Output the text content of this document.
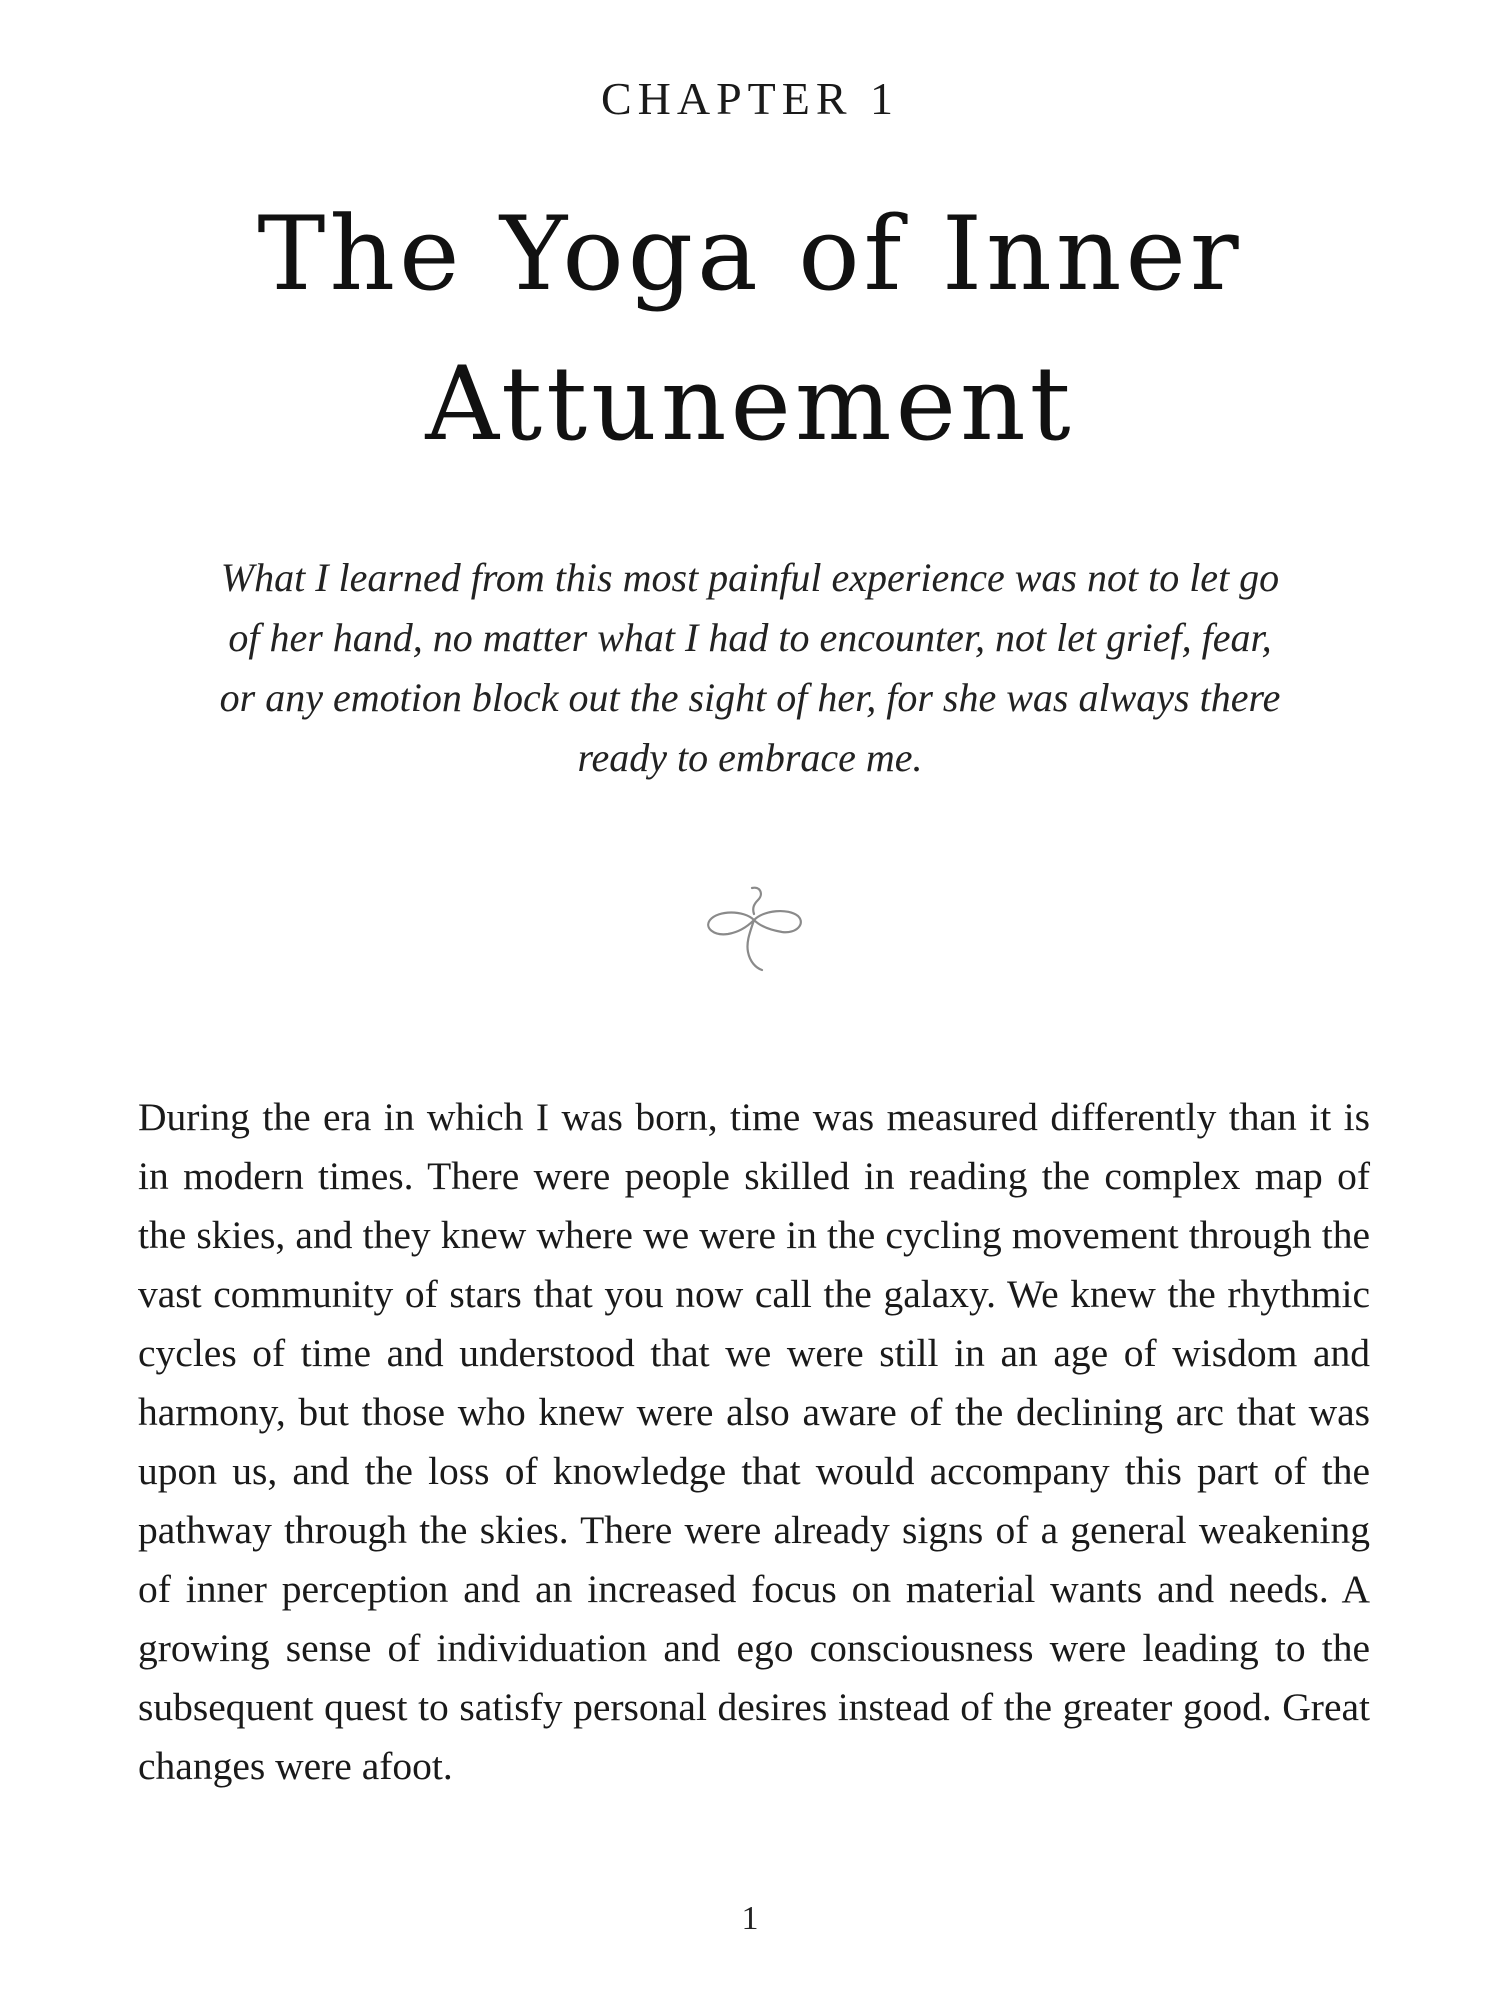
CHAPTER 1
The Yoga of Inner
Attunement

What I learned from this most painful experience was not to let go of her hand, no matter what I had to encounter, not let grief, fear, or any emotion block out the sight of her, for she was always there ready to embrace me.

During the era in which I was born, time was measured differently than it is in modern times. There were people skilled in reading the complex map of the skies, and they knew where we were in the cycling movement through the vast community of stars that you now call the galaxy. We knew the rhythmic cycles of time and understood that we were still in an age of wisdom and harmony, but those who knew were also aware of the declining arc that was upon us, and the loss of knowledge that would accompany this part of the pathway through the skies. There were already signs of a general weakening of inner perception and an increased focus on material wants and needs. A growing sense of individuation and ego consciousness were leading to the subsequent quest to satisfy personal desires instead of the greater good. Great changes were afoot.

1
